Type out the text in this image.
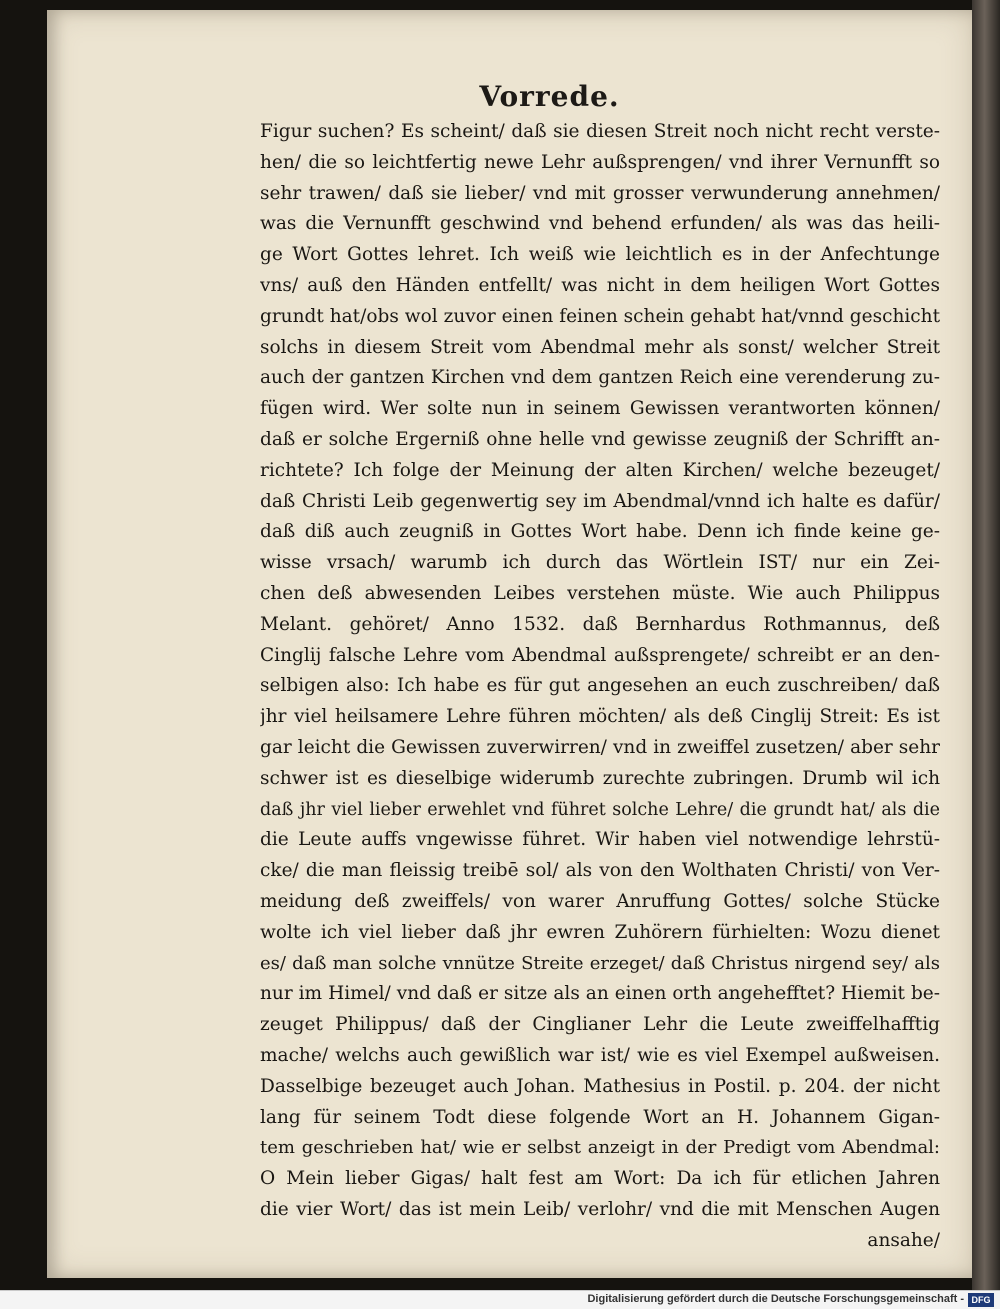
Vorrede.
Figur suchen? Es scheint/ daß sie diesen Streit noch nicht recht verste-
hen/ die so leichtfertig newe Lehr außsprengen/ vnd ihrer Vernunfft so
sehr trawen/ daß sie lieber/ vnd mit grosser verwunderung annehmen/
was die Vernunfft geschwind vnd behend erfunden/ als was das heili-
ge Wort Gottes lehret. Ich weiß wie leichtlich es in der Anfechtunge
vns/ auß den Händen entfellt/ was nicht in dem heiligen Wort Gottes
grundt hat/obs wol zuvor einen feinen schein gehabt hat/vnnd geschicht
solchs in diesem Streit vom Abendmal mehr als sonst/ welcher Streit
auch der gantzen Kirchen vnd dem gantzen Reich eine verenderung zu-
fügen wird. Wer solte nun in seinem Gewissen verantworten können/
daß er solche Ergerniß ohne helle vnd gewisse zeugniß der Schrifft an-
richtete? Ich folge der Meinung der alten Kirchen/ welche bezeuget/
daß Christi Leib gegenwertig sey im Abendmal/vnnd ich halte es dafür/
daß diß auch zeugniß in Gottes Wort habe. Denn ich finde keine ge-
wisse vrsach/ warumb ich durch das Wörtlein IST/ nur ein Zei-
chen deß abwesenden Leibes verstehen müste. Wie auch Philippus
Melant. gehöret/ Anno 1532. daß Bernhardus Rothmannus, deß
Cinglij falsche Lehre vom Abendmal außsprengete/ schreibt er an den-
selbigen also: Ich habe es für gut angesehen an euch zuschreiben/ daß
jhr viel heilsamere Lehre führen möchten/ als deß Cinglij Streit: Es ist
gar leicht die Gewissen zuverwirren/ vnd in zweiffel zusetzen/ aber sehr
schwer ist es dieselbige widerumb zurechte zubringen. Drumb wil ich
daß jhr viel lieber erwehlet vnd führet solche Lehre/ die grundt hat/ als die
die Leute auffs vngewisse führet. Wir haben viel notwendige lehrstü-
cke/ die man fleissig treibē sol/ als von den Wolthaten Christi/ von Ver-
meidung deß zweiffels/ von warer Anruffung Gottes/ solche Stücke
wolte ich viel lieber daß jhr ewren Zuhörern fürhielten: Wozu dienet
es/ daß man solche vnnütze Streite erzeget/ daß Christus nirgend sey/ als
nur im Himel/ vnd daß er sitze als an einen orth angehefftet? Hiemit be-
zeuget Philippus/ daß der Cinglianer Lehr die Leute zweiffelhafftig
mache/ welchs auch gewißlich war ist/ wie es viel Exempel außweisen.
Dasselbige bezeuget auch Johan. Mathesius in Postil. p. 204. der nicht
lang für seinem Todt diese folgende Wort an H. Johannem Gigan-
tem geschrieben hat/ wie er selbst anzeigt in der Predigt vom Abendmal:
O Mein lieber Gigas/ halt fest am Wort: Da ich für etlichen Jahren
die vier Wort/ das ist mein Leib/ verlohr/ vnd die mit Menschen Augen
ansahe/
Digitalisierung gefördert durch die Deutsche Forschungsgemeinschaft - DFG
